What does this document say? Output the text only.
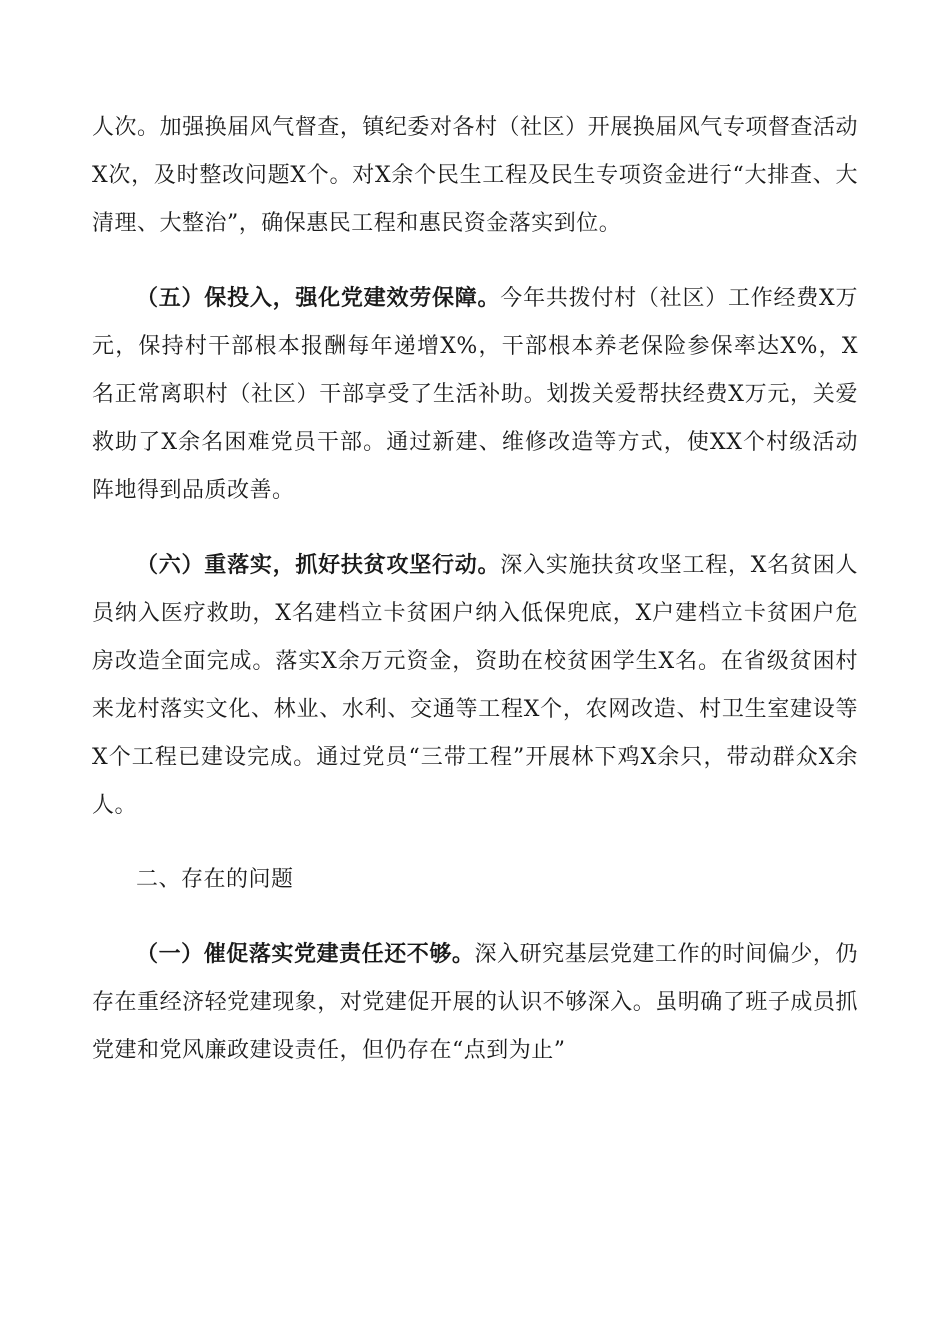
人次。加强换届风气督查，镇纪委对各村（社区）开展换届风气专项督查活动X次，及时整改问题X个。对X余个民生工程及民生专项资金进行“大排查、大清理、大整治”，确保惠民工程和惠民资金落实到位。

（五）保投入，强化党建效劳保障。今年共拨付村（社区）工作经费X万元，保持村干部根本报酬每年递增X%，干部根本养老保险参保率达X%，X名正常离职村（社区）干部享受了生活补助。划拨关爱帮扶经费X万元，关爱救助了X余名困难党员干部。通过新建、维修改造等方式，使XX个村级活动阵地得到品质改善。

（六）重落实，抓好扶贫攻坚行动。深入实施扶贫攻坚工程，X名贫困人员纳入医疗救助，X名建档立卡贫困户纳入低保兜底，X户建档立卡贫困户危房改造全面完成。落实X余万元资金，资助在校贫困学生X名。在省级贫困村来龙村落实文化、林业、水利、交通等工程X个，农网改造、村卫生室建设等X个工程已建设完成。通过党员“三带工程”开展林下鸡X余只，带动群众X余人。

二、存在的问题

（一）催促落实党建责任还不够。深入研究基层党建工作的时间偏少，仍存在重经济轻党建现象，对党建促开展的认识不够深入。虽明确了班子成员抓党建和党风廉政建设责任，但仍存在“点到为止”
